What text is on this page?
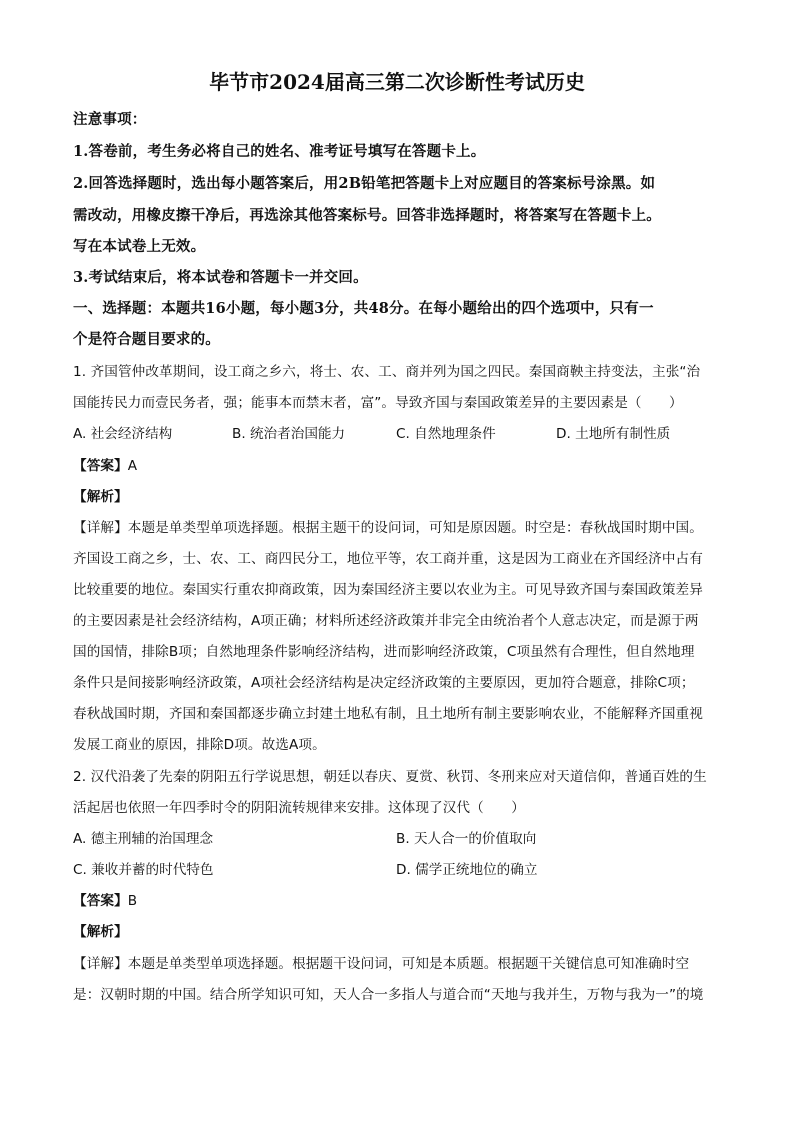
毕节市2024届高三第二次诊断性考试历史
注意事项：
1.答卷前，考生务必将自己的姓名、准考证号填写在答题卡上。
2.回答选择题时，选出每小题答案后，用2B铅笔把答题卡上对应题目的答案标号涂黑。如
需改动，用橡皮擦干净后，再选涂其他答案标号。回答非选择题时，将答案写在答题卡上。
写在本试卷上无效。
3.考试结束后，将本试卷和答题卡一并交回。
一、选择题：本题共16小题，每小题3分，共48分。在每小题给出的四个选项中，只有一
个是符合题目要求的。
1. 齐国管仲改革期间，设工商之乡六，将士、农、工、商并列为国之四民。秦国商鞅主持变法，主张“治
国能抟民力而壹民务者，强；能事本而禁末者，富”。导致齐国与秦国政策差异的主要因素是（　　）
A. 社会经济结构	B. 统治者治国能力	C. 自然地理条件	D. 土地所有制性质
【答案】A
【解析】
【详解】本题是单类型单项选择题。根据主题干的设问词，可知是原因题。时空是：春秋战国时期中国。
齐国设工商之乡，士、农、工、商四民分工，地位平等，农工商并重，这是因为工商业在齐国经济中占有
比较重要的地位。秦国实行重农抑商政策，因为秦国经济主要以农业为主。可见导致齐国与秦国政策差异
的主要因素是社会经济结构，A项正确；材料所述经济政策并非完全由统治者个人意志决定，而是源于两
国的国情，排除B项；自然地理条件影响经济结构，进而影响经济政策，C项虽然有合理性，但自然地理
条件只是间接影响经济政策，A项社会经济结构是决定经济政策的主要原因，更加符合题意，排除C项；
春秋战国时期，齐国和秦国都逐步确立封建土地私有制，且土地所有制主要影响农业，不能解释齐国重视
发展工商业的原因，排除D项。故选A项。
2. 汉代沿袭了先秦的阴阳五行学说思想，朝廷以春庆、夏赏、秋罚、冬刑来应对天道信仰，普通百姓的生
活起居也依照一年四季时令的阴阳流转规律来安排。这体现了汉代（　　）
A. 德主刑辅的治国理念	B. 天人合一的价值取向
C. 兼收并蓄的时代特色	D. 儒学正统地位的确立
【答案】B
【解析】
【详解】本题是单类型单项选择题。根据题干设问词，可知是本质题。根据题干关键信息可知准确时空
是：汉朝时期的中国。结合所学知识可知，天人合一多指人与道合而“天地与我并生，万物与我为一”的境
